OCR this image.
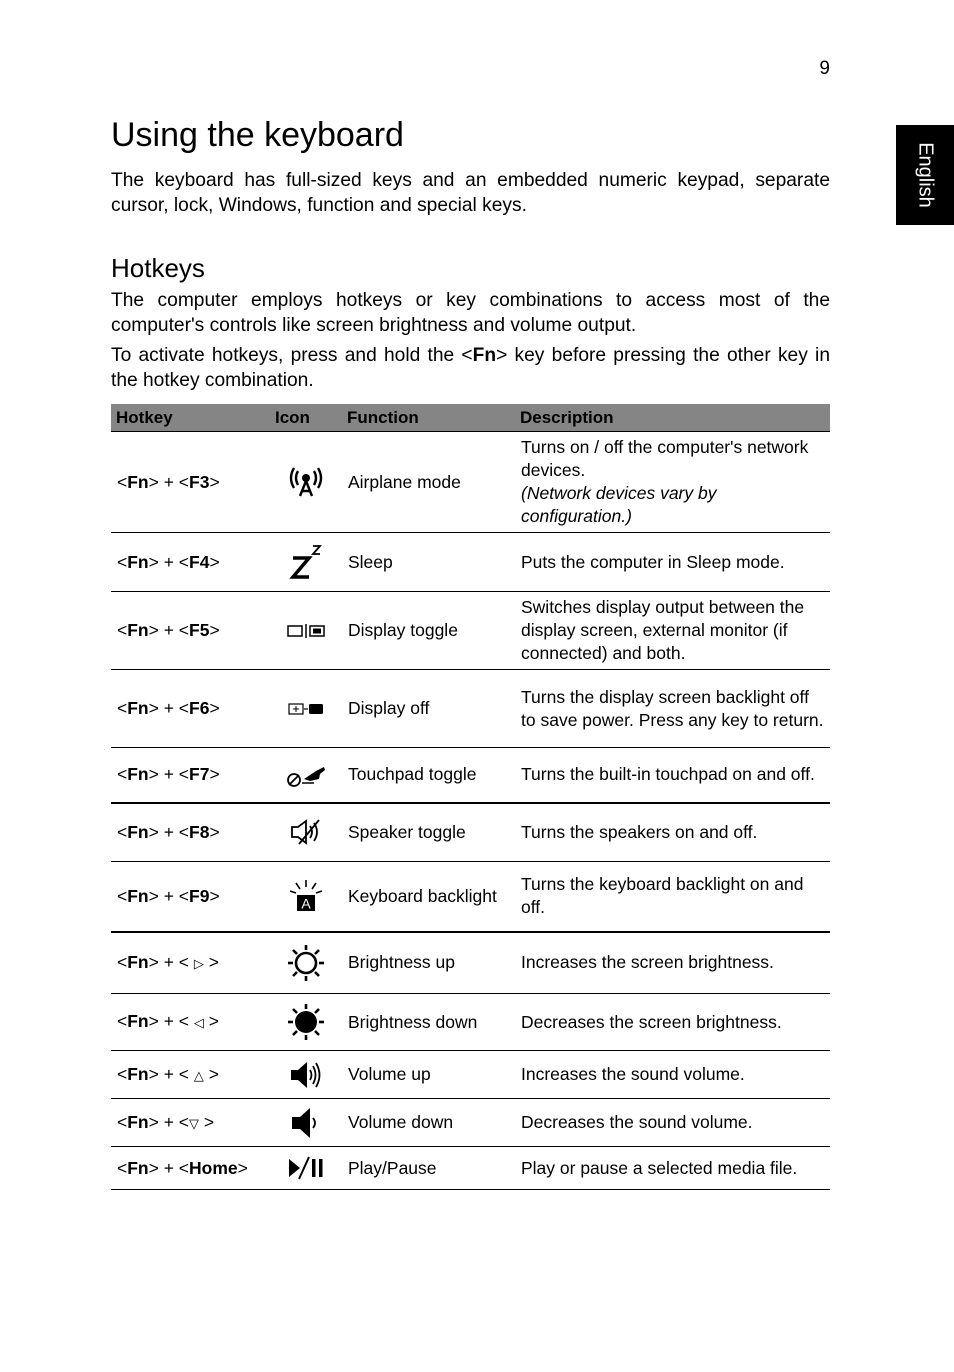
9
English
Using the keyboard

The keyboard has full-sized keys and an embedded numeric keypad, separate cursor, lock, Windows, function and special keys.

Hotkeys

The computer employs hotkeys or key combinations to access most of the computer's controls like screen brightness and volume output.

To activate hotkeys, press and hold the <Fn> key before pressing the other key in the hotkey combination.

Hotkey	Icon	Function	Description
<Fn> + <F3>		Airplane mode	Turns on / off the computer's network devices.
(Network devices vary by configuration.)

<Fn> + <F4>		Sleep	Puts the computer in Sleep mode.
<Fn> + <F5>		Display toggle	Switches display output between the display screen, external monitor (if connected) and both.
<Fn> + <F6>		Display off	Turns the display screen backlight off to save power. Press any key to return.
<Fn> + <F7>		Touchpad toggle	Turns the built-in touchpad on and off.
<Fn> + <F8>		Speaker toggle	Turns the speakers on and off.
<Fn> + <F9>	A	Keyboard backlight	Turns the keyboard backlight on and off.
<Fn> + < ▷ >		Brightness up	Increases the screen brightness.
<Fn> + < ◁ >		Brightness down	Decreases the screen brightness.
<Fn> + < △ >		Volume up	Increases the sound volume.
<Fn> + <▽ >		Volume down	Decreases the sound volume.
<Fn> + <Home>		Play/Pause	Play or pause a selected media file.
